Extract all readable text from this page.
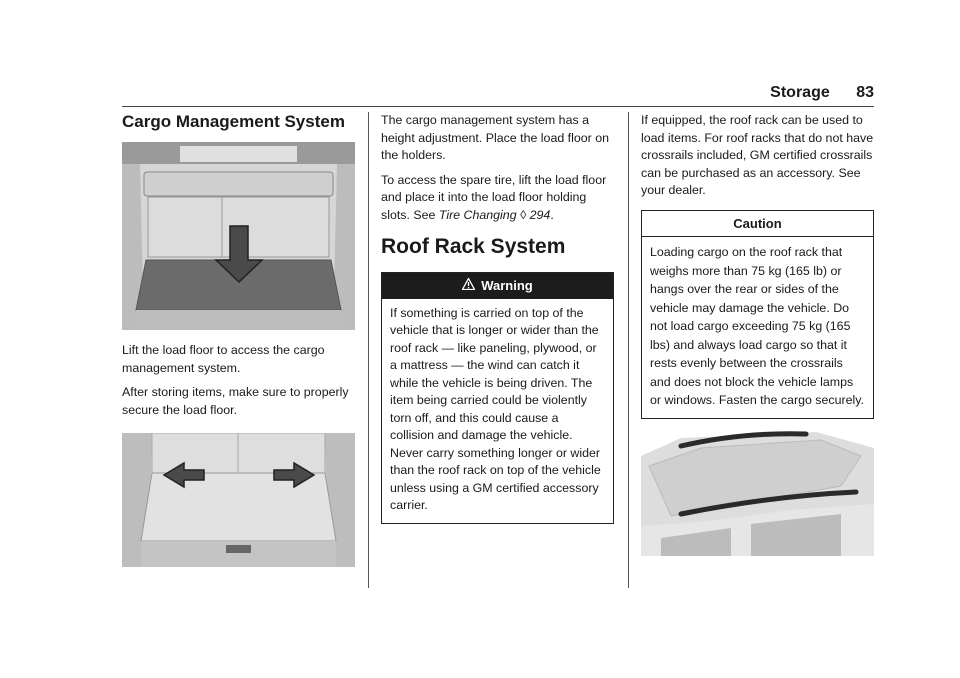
Storage 83
Cargo Management System

Lift the load floor to access the cargo management system.

After storing items, make sure to properly secure the load floor.

The cargo management system has a height adjustment. Place the load floor on the holders.

To access the spare tire, lift the load floor and place it into the load floor holding slots. See Tire Changing ◊ 294.

Roof Rack System
Warning
If something is carried on top of the vehicle that is longer or wider than the roof rack — like paneling, plywood, or a mattress — the wind can catch it while the vehicle is being driven. The item being carried could be violently torn off, and this could cause a collision and damage the vehicle. Never carry something longer or wider than the roof rack on top of the vehicle unless using a GM certified accessory carrier.

If equipped, the roof rack can be used to load items. For roof racks that do not have crossrails included, GM certified crossrails can be purchased as an accessory. See your dealer.

Caution
Loading cargo on the roof rack that weighs more than 75 kg (165 lb) or hangs over the rear or sides of the vehicle may damage the vehicle. Do not load cargo exceeding 75 kg (165 lbs) and always load cargo so that it rests evenly between the crossrails and does not block the vehicle lamps or windows. Fasten the cargo securely.
